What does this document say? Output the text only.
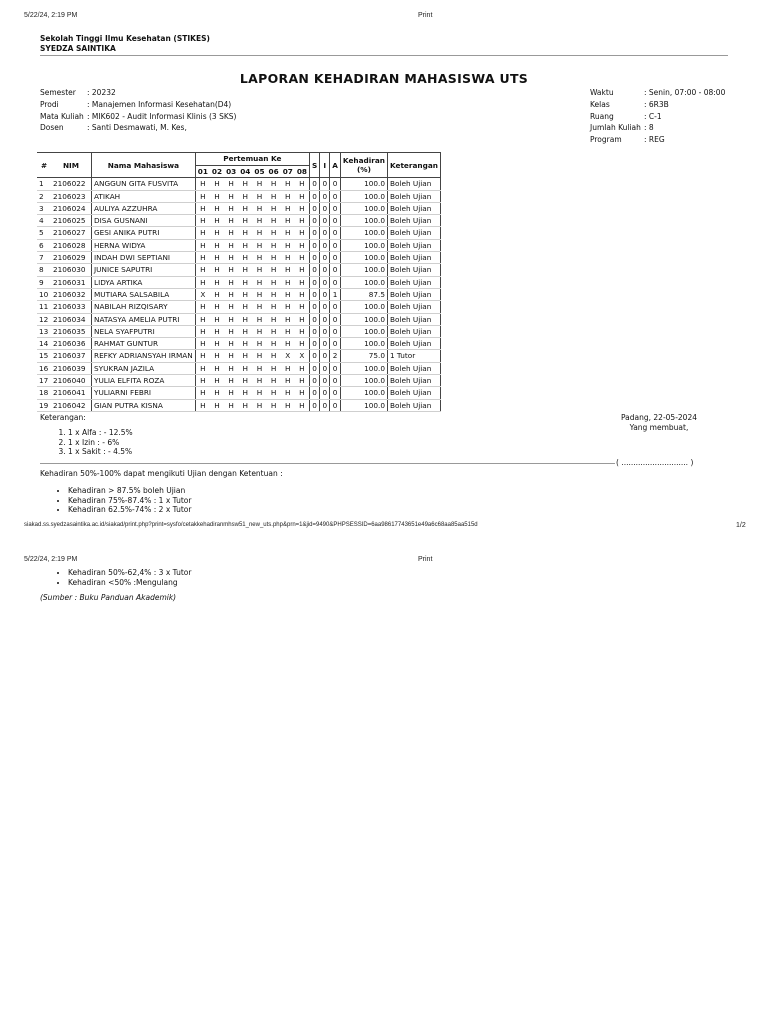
5/22/24, 2:19 PM	Print
Sekolah Tinggi Ilmu Kesehatan (STIKES)
SYEDZA SAINTIKA
LAPORAN KEHADIRAN MAHASISWA UTS
Semester	: 20232
Prodi	: Manajemen Informasi Kesehatan(D4)
Mata Kuliah : MIK602 - Audit Informasi Klinis (3 SKS)
Dosen	: Santi Desmawati, M. Kes,
Waktu	: Senin, 07:00 - 08:00
Kelas	: 6R3B
Ruang	: C-1
Jumlah Kuliah : 8
Program	: REG
#	NIM	Nama Mahasiswa	Pertemuan Ke								S	I	A	Kehadiran
(%)	Keterangan
			01	02	03	04	05	06	07	08					
1	2106022	ANGGUN GITA FUSVITA	H	H	H	H	H	H	H	H	0	0	0	100.0	Boleh Ujian
2	2106023	ATIKAH	H	H	H	H	H	H	H	H	0	0	0	100.0	Boleh Ujian
3	2106024	AULIYA AZZUHRA	H	H	H	H	H	H	H	H	0	0	0	100.0	Boleh Ujian
4	2106025	DISA GUSNANI	H	H	H	H	H	H	H	H	0	0	0	100.0	Boleh Ujian
5	2106027	GESI ANIKA PUTRI	H	H	H	H	H	H	H	H	0	0	0	100.0	Boleh Ujian
6	2106028	HERNA WIDYA	H	H	H	H	H	H	H	H	0	0	0	100.0	Boleh Ujian
7	2106029	INDAH DWI SEPTIANI	H	H	H	H	H	H	H	H	0	0	0	100.0	Boleh Ujian
8	2106030	JUNICE SAPUTRI	H	H	H	H	H	H	H	H	0	0	0	100.0	Boleh Ujian
9	2106031	LIDYA ARTIKA	H	H	H	H	H	H	H	H	0	0	0	100.0	Boleh Ujian
10	2106032	MUTIARA SALSABILA	X	H	H	H	H	H	H	H	0	0	1	87.5	Boleh Ujian
11	2106033	NABILAH RIZQISARY	H	H	H	H	H	H	H	H	0	0	0	100.0	Boleh Ujian
12	2106034	NATASYA AMELIA PUTRI	H	H	H	H	H	H	H	H	0	0	0	100.0	Boleh Ujian
13	2106035	NELA SYAFPUTRI	H	H	H	H	H	H	H	H	0	0	0	100.0	Boleh Ujian
14	2106036	RAHMAT GUNTUR	H	H	H	H	H	H	H	H	0	0	0	100.0	Boleh Ujian
15	2106037	REFKY ADRIANSYAH IRMAN	H	H	H	H	H	H	X	X	0	0	2	75.0	1 Tutor
16	2106039	SYUKRAN JAZILA	H	H	H	H	H	H	H	H	0	0	0	100.0	Boleh Ujian
17	2106040	YULIA ELFITA ROZA	H	H	H	H	H	H	H	H	0	0	0	100.0	Boleh Ujian
18	2106041	YULIARNI FEBRI	H	H	H	H	H	H	H	H	0	0	0	100.0	Boleh Ujian
19	2106042	GIAN PUTRA KISNA	H	H	H	H	H	H	H	H	0	0	0	100.0	Boleh Ujian
Keterangan:
1. 1 x Alfa : - 12.5%
2. 1 x Izin : - 6%
3. 1 x Sakit : - 4.5%
Padang, 22-05-2024
Yang membuat,
( ............................ )
Kehadiran 50%-100% dapat mengikuti Ujian dengan Ketentuan :
• Kehadiran > 87.5% boleh Ujian
• Kehadiran 75%-87.4% : 1 x Tutor
• Kehadiran 62.5%-74% : 2 x Tutor
siakad.ss.syedzasaintika.ac.id/siakad/print.php?print=sysfo/cetakkehadiranmhsw51_new_uts.php&prn=1&jid=9490&PHPSESSID=6aa98617743651e49a6c68aa85aa515d	1/2
5/22/24, 2:19 PM	Print
• Kehadiran 50%-62,4% : 3 x Tutor
• Kehadiran <50% :Mengulang
(Sumber : Buku Panduan Akademik)
